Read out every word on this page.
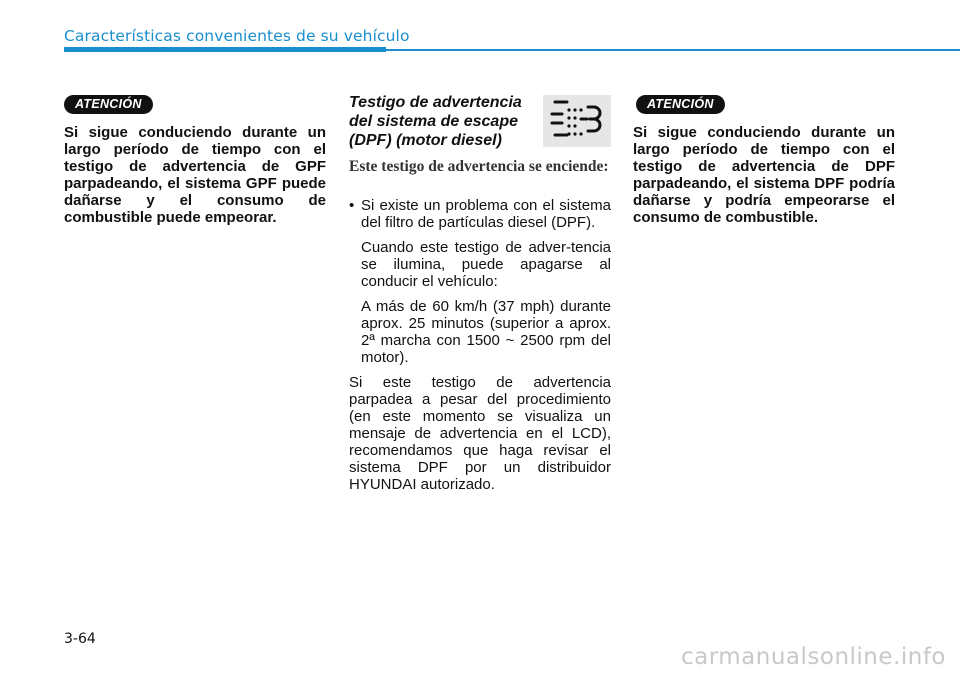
Características convenientes de su vehículo
ATENCIÓN

Si sigue conduciendo durante un largo período de tiempo con el testigo de advertencia de GPF parpadeando, el sistema GPF puede dañarse y el consumo de combustible puede empeorar.

Testigo de advertencia del sistema de escape (DPF) (motor diesel)

Este testigo de advertencia se enciende:

• Si existe un problema con el sistema del filtro de partículas diesel (DPF).

Cuando este testigo de adver-tencia se ilumina, puede apagarse al conducir el vehículo:

A más de 60 km/h (37 mph) durante aprox. 25 minutos (superior a aprox. 2ª marcha con 1500 ~ 2500 rpm del motor).

Si este testigo de advertencia parpadea a pesar del procedimiento (en este momento se visualiza un mensaje de advertencia en el LCD), recomendamos que haga revisar el sistema DPF por un distribuidor HYUNDAI autorizado.

ATENCIÓN

Si sigue conduciendo durante un largo período de tiempo con el testigo de advertencia de DPF parpadeando, el sistema DPF podría dañarse y podría empeorarse el consumo de combustible.

3-64
carmanualsonline.info
